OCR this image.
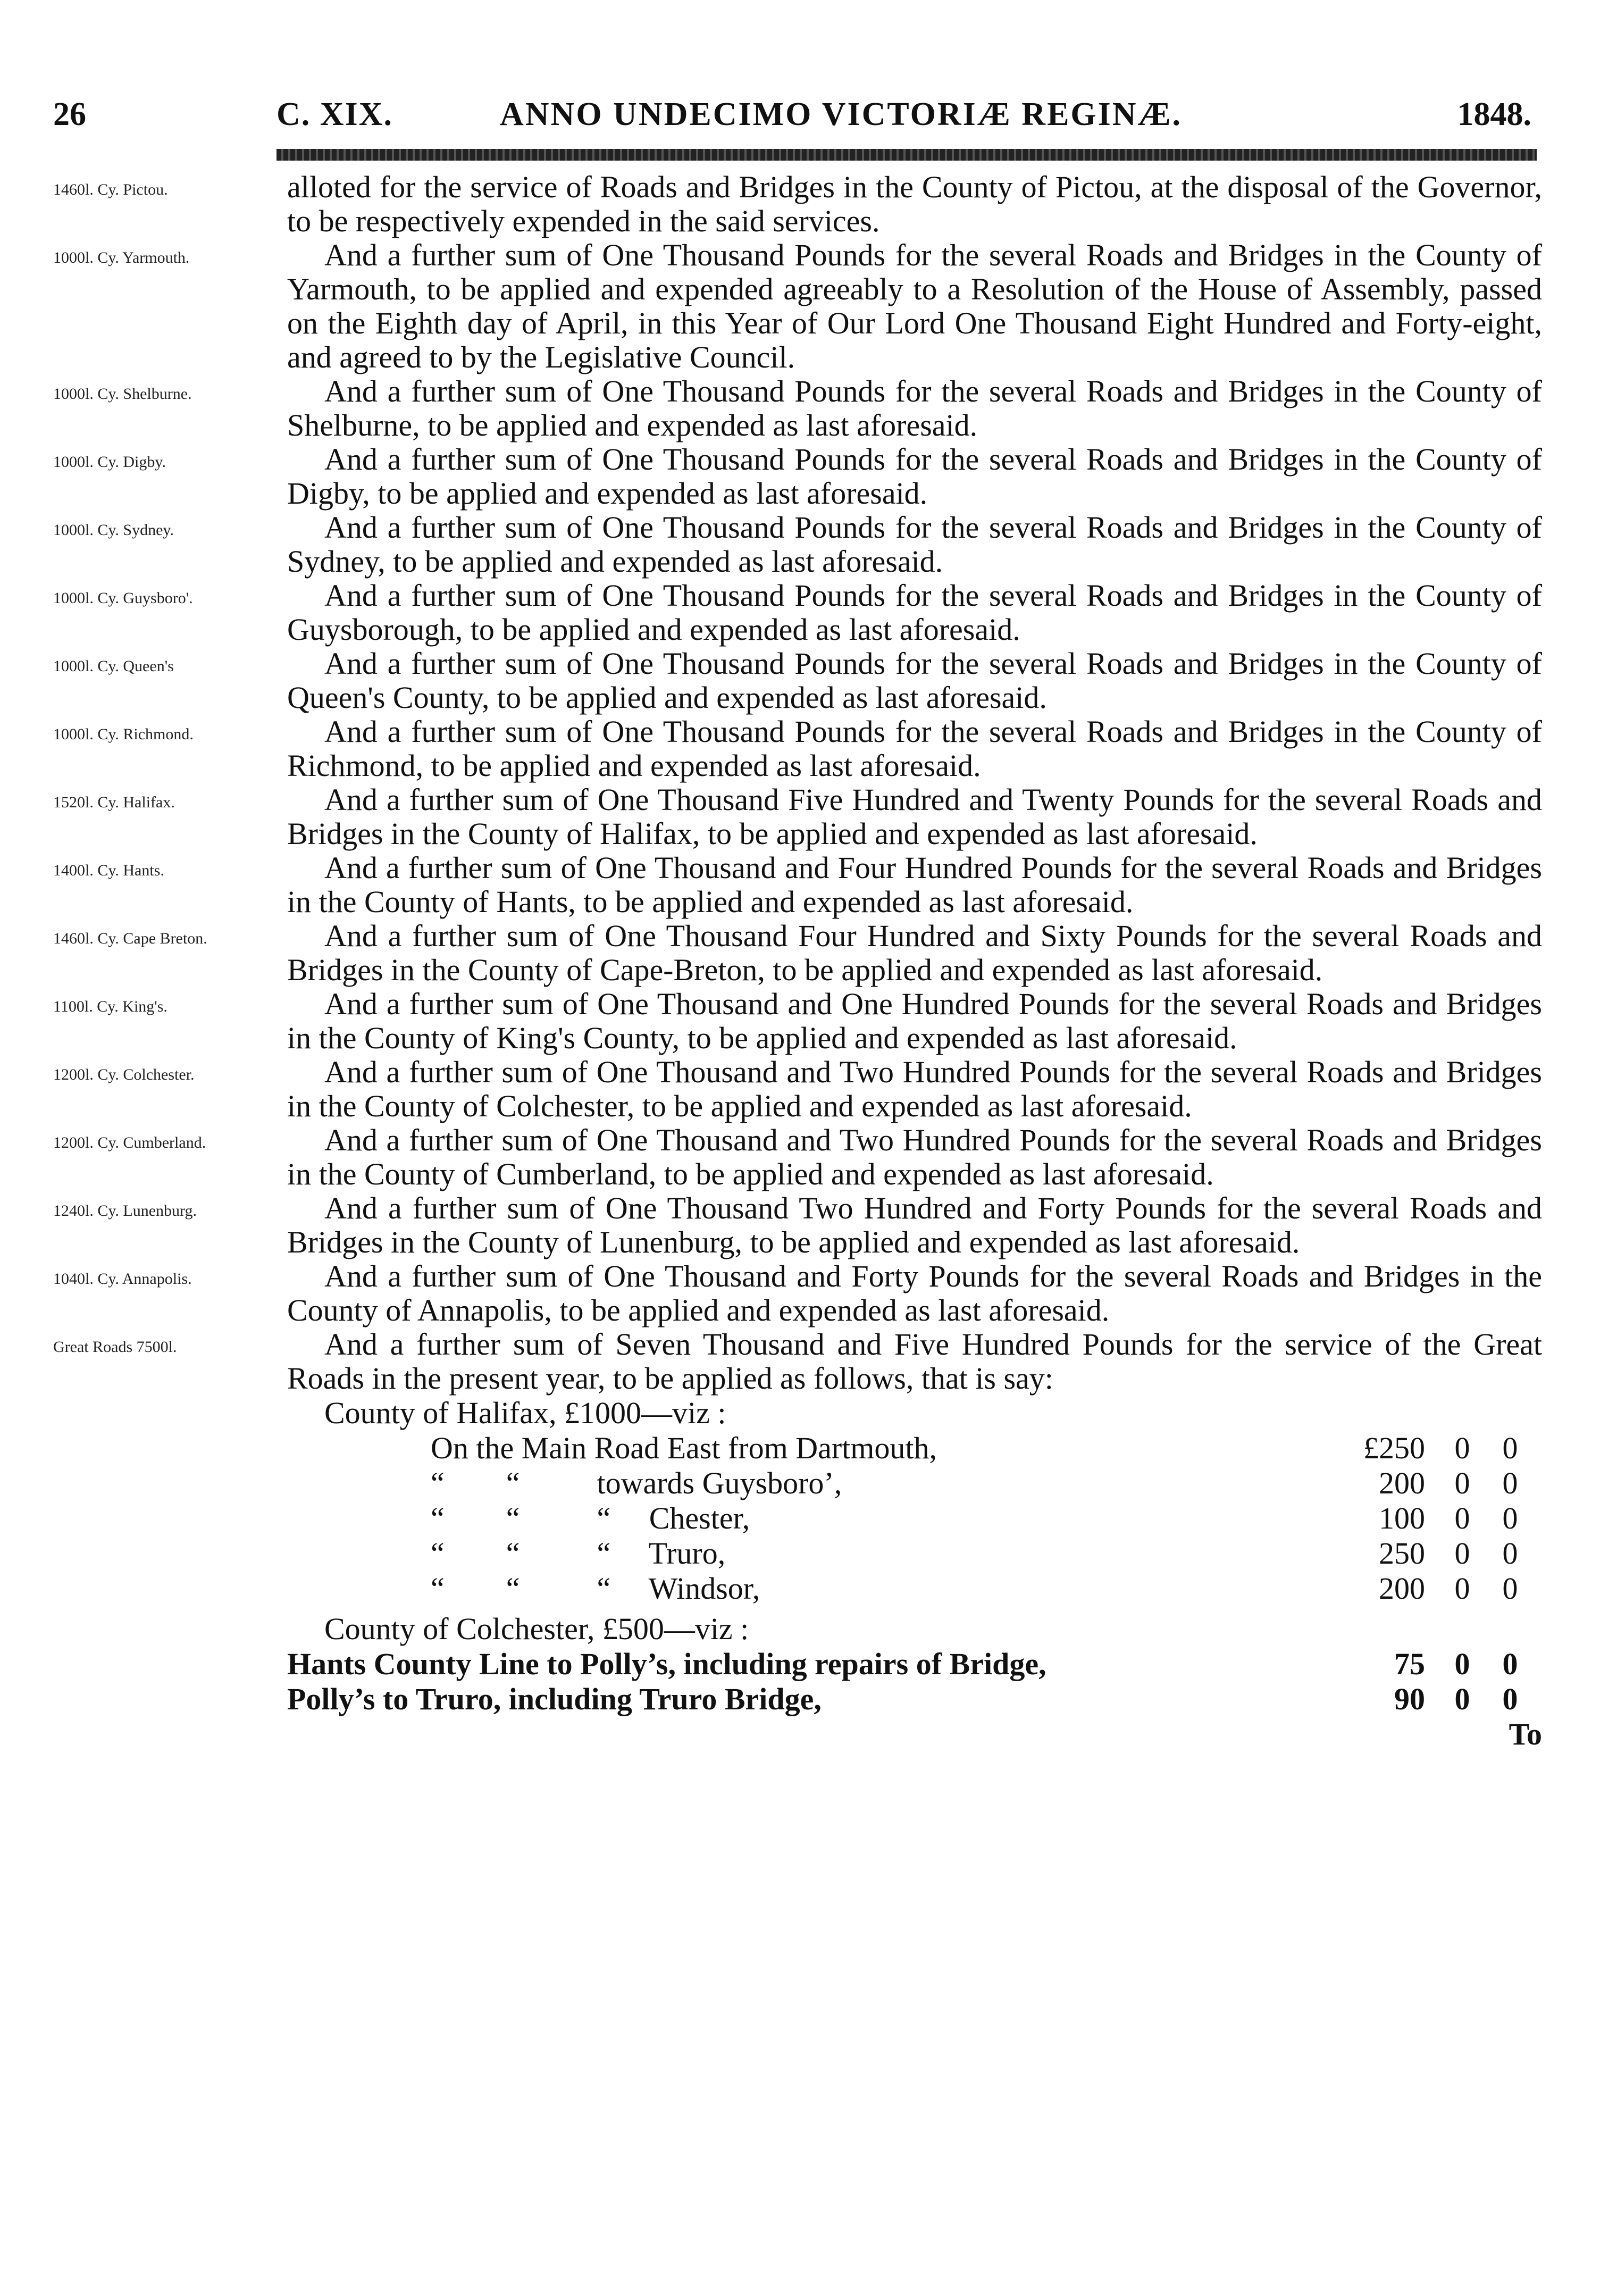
26	C. XIX.	ANNO UNDECIMO VICTORIÆ REGINÆ.	1848.
1460l. Cy. Pictou.	alloted for the service of Roads and Bridges in the County of Pictou, at the disposal of the Governor, to be respectively expended in the said services.
1000l. Cy. Yarmouth.	And a further sum of One Thousand Pounds for the several Roads and Bridges in the County of Yarmouth, to be applied and expended agreeably to a Resolution of the House of Assembly, passed on the Eighth day of April, in this Year of Our Lord One Thousand Eight Hundred and Forty-eight, and agreed to by the Legislative Council.
1000l. Cy. Shelburne.	And a further sum of One Thousand Pounds for the several Roads and Bridges in the County of Shelburne, to be applied and expended as last aforesaid.
1000l. Cy. Digby.	And a further sum of One Thousand Pounds for the several Roads and Bridges in the County of Digby, to be applied and expended as last aforesaid.
1000l. Cy. Sydney.	And a further sum of One Thousand Pounds for the several Roads and Bridges in the County of Sydney, to be applied and expended as last aforesaid.
1000l. Cy. Guysboro'.	And a further sum of One Thousand Pounds for the several Roads and Bridges in the County of Guysborough, to be applied and expended as last aforesaid.
1000l. Cy. Queen's	And a further sum of One Thousand Pounds for the several Roads and Bridges in the County of Queen's County, to be applied and expended as last aforesaid.
1000l. Cy. Richmond.	And a further sum of One Thousand Pounds for the several Roads and Bridges in the County of Richmond, to be applied and expended as last aforesaid.
1520l. Cy. Halifax.	And a further sum of One Thousand Five Hundred and Twenty Pounds for the several Roads and Bridges in the County of Halifax, to be applied and expended as last aforesaid.
1400l. Cy. Hants.	And a further sum of One Thousand and Four Hundred Pounds for the several Roads and Bridges in the County of Hants, to be applied and expended as last aforesaid.
1460l. Cy. Cape Breton.	And a further sum of One Thousand Four Hundred and Sixty Pounds for the several Roads and Bridges in the County of Cape-Breton, to be applied and expended as last aforesaid.
1100l. Cy. King's.	And a further sum of One Thousand and One Hundred Pounds for the several Roads and Bridges in the County of King's County, to be applied and expended as last aforesaid.
1200l. Cy. Colchester.	And a further sum of One Thousand and Two Hundred Pounds for the several Roads and Bridges in the County of Colchester, to be applied and expended as last aforesaid.
1200l. Cy. Cumberland.	And a further sum of One Thousand and Two Hundred Pounds for the several Roads and Bridges in the County of Cumberland, to be applied and expended as last aforesaid.
1240l. Cy. Lunenburg.	And a further sum of One Thousand Two Hundred and Forty Pounds for the several Roads and Bridges in the County of Lunenburg, to be applied and expended as last aforesaid.
1040l. Cy. Annapolis.	And a further sum of One Thousand and Forty Pounds for the several Roads and Bridges in the County of Annapolis, to be applied and expended as last aforesaid.
Great Roads 7500l.	And a further sum of Seven Thousand and Five Hundred Pounds for the service of the Great Roads in the present year, to be applied as follows, that is say:
County of Halifax, £1000—viz :
On the Main Road East from Dartmouth,	£250 0 0
“        “          towards Guysboro’,	200 0 0
“        “          “     Chester,	100 0 0
“        “          “     Truro,	250 0 0
“        “          “     Windsor,	200 0 0
County of Colchester, £500—viz :
Hants County Line to Polly’s, including repairs of Bridge,	75 0 0
Polly’s to Truro, including Truro Bridge,	90 0 0
To
